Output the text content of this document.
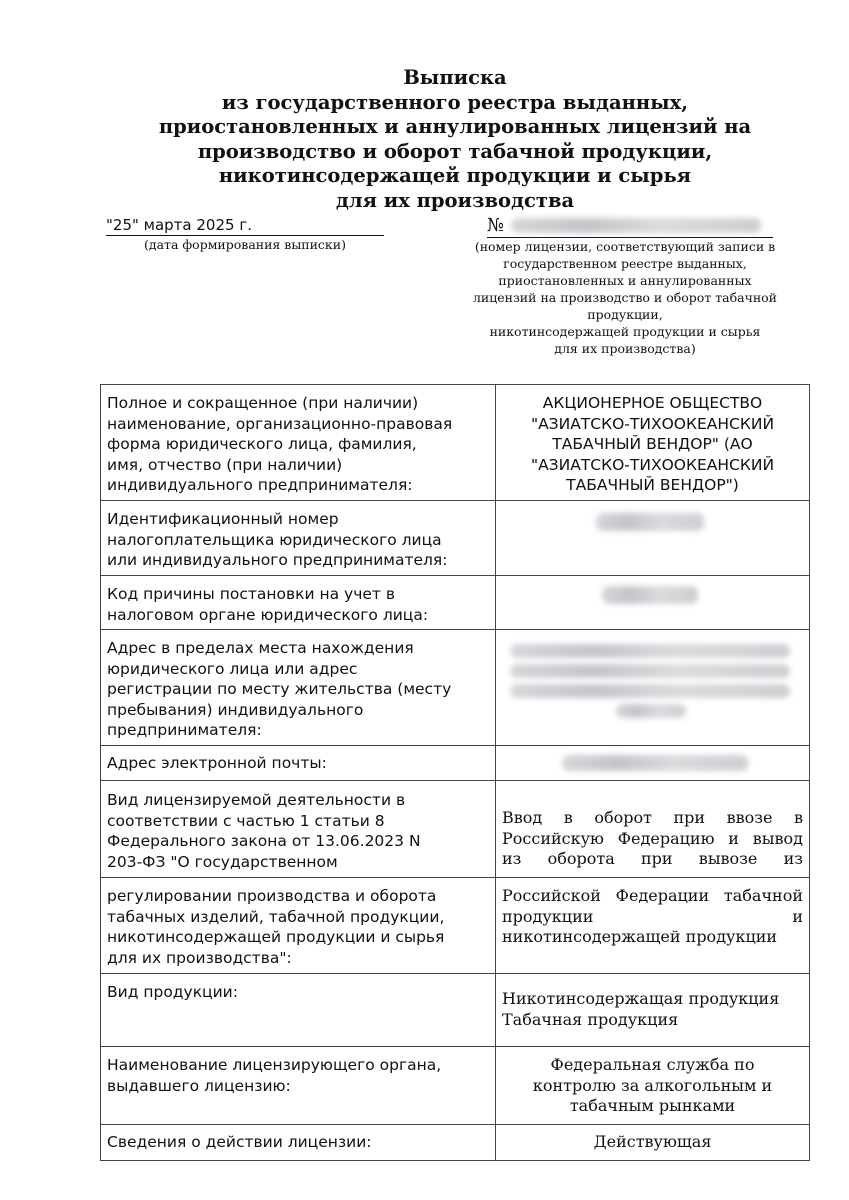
Выписка
из государственного реестра выданных,
приостановленных и аннулированных лицензий на
производство и оборот табачной продукции,
никотинсодержащей продукции и сырья
для их производства
"25" марта 2025 г.
(дата формирования выписки)
№
(номер лицензии, соответствующий записи в
государственном реестре выданных,
приостановленных и аннулированных
лицензий на производство и оборот табачной
продукции,
никотинсодержащей продукции и сырья
для их производства)
Полное и сокращенное (при наличии)
наименование, организационно-правовая
форма юридического лица, фамилия,
имя, отчество (при наличии)
индивидуального предпринимателя:	АКЦИОНЕРНОЕ ОБЩЕСТВО
"АЗИАТСКО-ТИХООКЕАНСКИЙ
ТАБАЧНЫЙ ВЕНДОР" (АО
"АЗИАТСКО-ТИХООКЕАНСКИЙ
ТАБАЧНЫЙ ВЕНДОР")

Идентификационный номер
налогоплательщика юридического лица
или индивидуального предпринимателя:	

Код причины постановки на учет в
налоговом органе юридического лица:	

Адрес в пределах места нахождения
юридического лица или адрес
регистрации по месту жительства (месту
пребывания) индивидуального
предпринимателя:	

Адрес электронной почты:	

Вид лицензируемой деятельности в
соответствии с частью 1 статьи 8
Федерального закона от 13.06.2023 N
203-ФЗ "О государственном	Ввод в оборот при ввозе в
Российскую Федерацию и вывод
из оборота при вывозе из

регулировании производства и оборота
табачных изделий, табачной продукции,
никотинсодержащей продукции и сырья
для их производства":	Российской Федерации табачной
продукции и
никотинсодержащей продукции

Вид продукции:	Никотинсодержащая продукция
Табачная продукция

Наименование лицензирующего органа,
выдавшего лицензию:	Федеральная служба по
контролю за алкогольным и
табачным рынками

Сведения о действии лицензии:	Действующая
